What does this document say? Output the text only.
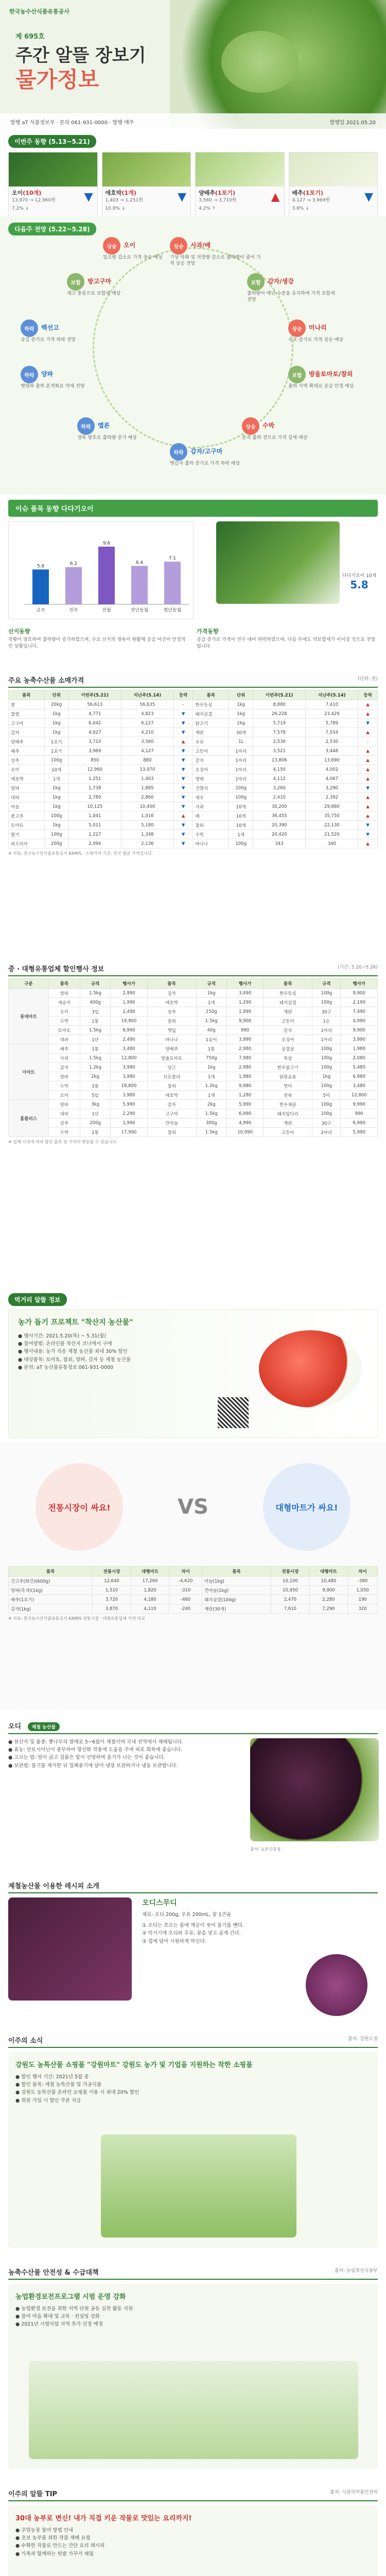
한국농수산식품유통공사
제 695호
주간 알뜰 장보기
물가정보
발행 aT 식품정보부 · 문의 061-931-0000 · 발행 매주	발행일 2021.05.20
이번주 동향 (5.13~5.21)
오이(10개)
13,970 → 12,960원
7.2% ↓
▼	애호박(1개)
1,403 → 1,251원
10.8% ↓
▼	양배추(1포기)
3,560 → 3,710원
4.2% ↑
▲	배추(1포기)
4,127 → 3,969원
3.8% ↓
▼
다음주 전망 (5.22~5.28)
상승 사과/배
기상 악화 및 저장량 감소로 출하량이 줄어 가격 상승 전망
보합 감자/생강
출하량이 예년 수준을 유지하며 가격 보합세 전망
상승 미나리
수요 증가로 가격 상승 예상
보합 방울토마토/참외
출하 지역 확대로 공급 안정 예상
상승 수박
본격 출하 전으로 가격 강세 예상
하락 감자/고구마
햇감자 출하 증가로 가격 하락 예상
하락 멜론
생육 양호로 출하량 증가 예상
하락 양파
햇양파 출하 본격화로 약세 전망
하락 백선고
공급 증가로 가격 하락 전망
보합 방고구마
재고 충분으로 보합세 예상
상승 오이
일조량 감소로 가격 상승 예상
이슈 품목 동향 다다기오이
금주
5.8
전주
6.2
전월
9.6
전년동월
6.4
평년동월
7.1
다다기오이 10개
5.8
산지동향
작황이 양호하여 출하량이 증가하였으며, 주요 산지의 생육이 원활해 공급 여건이 안정적인 상황입니다.
가격동향
공급 증가로 가격이 전주 대비 하락하였으며, 다음 주에도 약보합세가 이어질 것으로 전망됩니다.
주요 농축수산물 소매가격	(단위: 원)
품목	단위	이번주(5.21)	지난주(5.14)	등락	품목	단위	이번주(5.21)	지난주(5.14)	등락
쌀	20kg	56,613	56,635	-	한우등심	1kg	8,880	7,410	▲
찹쌀	1kg	4,771	4,823	▼	돼지삼겹	1kg	26,228	23,429	▲
고구마	1kg	6,042	6,127	▼	닭고기	1kg	5,719	5,789	▼
감자	1kg	4,027	4,210	▼	계란	30개	7,578	7,554	▲
양배추	1포기	3,710	3,560	▲	우유	1L	2,530	2,530	-
배추	1포기	3,969	4,127	▼	고등어	1마리	3,521	3,448	▲
상추	100g	850	880	▼	갈치	1마리	13,806	13,690	▲
오이	10개	12,960	13,970	▼	오징어	1마리	4,150	4,002	▲
애호박	1개	1,251	1,403	▼	명태	1마리	4,112	4,067	▲
양파	1kg	1,738	1,885	▼	건멸치	100g	3,260	3,290	▼
대파	1kg	2,780	2,860	▼	새우	100g	2,410	2,392	▲
마늘	1kg	10,125	10,400	▼	사과	10개	30,200	29,880	▲
풋고추	100g	1,041	1,016	▲	배	10개	36,455	35,750	▲
토마토	1kg	5,011	5,180	▼	참외	10개	20,390	22,130	▼
딸기	100g	1,227	1,348	▼	수박	1개	20,420	21,520	▼
파프리카	200g	2,094	2,136	▼	바나나	100g	343	340	▲
※ 자료: 한국농수산식품유통공사 KAMIS · 소매가격 기준, 전국 평균 가격입니다.
중 · 대형유통업체 할인행사 정보	(기간: 5.20~5.26)
구분	품목	규격	행사가	품목	규격	행사가	품목	규격	행사가
롯데마트	양파	1.5kg	2,990	감자	1kg	3,490	한우등심	100g	8,900
	새송이	400g	1,990	애호박	1개	1,290	돼지삼겹	100g	2,190
	오이	3입	2,490	상추	150g	1,990	계란	30구	7,490
	수박	1통	19,900	참외	1.5kg	9,900	고등어	1손	4,990
	토마토	1.5kg	6,990	깻잎	40g	990	갈치	1마리	9,900
	대파	1단	2,490	바나나	1송이	3,990	오징어	1마리	3,990
이마트	배추	1통	3,480	양배추	1통	2,980	삼겹살	100g	1,980
	사과	1.5kg	12,800	방울토마토	750g	7,980	목살	100g	2,080
	감자	1.2kg	3,980	당근	1kg	2,980	한우불고기	100g	5,480
	양파	2kg	3,980	브로콜리	1개	1,980	닭볶음용	1kg	6,980
	수박	1통	18,800	참외	1.2kg	9,980	연어	100g	3,480
	오이	5입	3,980	애호박	1개	1,280	전복	5미	12,800
홈플러스	양파	3kg	5,990	감자	2kg	5,990	한우채끝	100g	9,990
	대파	1단	2,290	고구마	1.5kg	6,990	돼지앞다리	100g	990
	상추	200g	1,990	깐마늘	300g	4,990	계란	30구	6,990
	수박	1통	17,990	참외	1.5kg	10,990	고등어	2마리	5,990
※ 업체 사정에 따라 할인 품목 및 가격이 변동될 수 있습니다.
먹거리 알뜰 정보
농가 돕기 프로젝트 "착산지 농산물"
● 행사기간: 2021.5.20(목) ~ 5.31(월)
● 참여방법: 온라인몰 착산지 코너에서 구매
● 행사내용: 농가 직송 제철 농산물 최대 30% 할인
● 대상품목: 토마토, 참외, 양파, 감자 등 제철 농산물
● 문의: aT 농산물유통정보 061-931-0000
전통시장이 싸요!	VS	대형마트가 싸요!
품목	전통시장	대형마트	차이	품목	전통시장	대형마트	차이
건고추(화건)(600g)	12,640	17,260	-4,620	마늘(1kg)	10,100	10,480	-380
양파(흑색)(1kg)	1,510	1,820	-310	깐마늘(1kg)	10,950	9,900	1,050
배추(1포기)	3,720	4,180	-460	돼지삼겹(100g)	2,470	2,280	190
감자(1kg)	3,870	4,110	-240	계란(30개)	7,610	7,290	320
※ 자료: 한국농수산식품유통공사 KAMIS 전통시장 · 대형유통업체 가격 비교
오디 제철 농산물
● 원산지 및 품종: 뽕나무의 열매로 5~6월이 제철이며 국내 전역에서 재배됩니다.
● 효능: 안토시아닌이 풍부하여 항산화 작용에 도움을 주며 피로 회복에 좋습니다.
● 고르는 법: 알이 굵고 검붉은 빛이 선명하며 윤기가 나는 것이 좋습니다.
● 보관법: 물기를 제거한 뒤 밀폐용기에 담아 냉장 보관하거나 냉동 보관합니다.
출처: 농촌진흥청
제철농산물 이용한 레시피 소개
오디스무디
재료: 오디 200g, 우유 200mL, 꿀 1큰술
① 오디는 흐르는 물에 깨끗이 씻어 물기를 뺀다.
② 믹서기에 오디와 우유, 꿀을 넣고 곱게 간다.
③ 컵에 담아 시원하게 마신다.
이주의 소식	출처: 강원도청
강원도 농특산물 쇼핑몰 "강원마트" 강원도 농가 및 기업을 지원하는 착한 소핑몰
● 할인 행사 기간: 2021년 5월 중
● 할인 품목: 제철 농특산물 및 가공식품
● 강원도 농특산물 온라인 쇼핑몰 이용 시 최대 20% 할인
● 회원 가입 시 할인 쿠폰 지급
농축수산물 안전성 & 수급대책	출처: 농림축산식품부
농업환경보전프로그램 시범 운영 강화
● 농업환경 보전을 위한 지역 단위 공동 실천 활동 지원
● 참여 마을 확대 및 교육 · 컨설팅 강화
● 2021년 시범사업 지역 추가 선정 예정
이주의 알뜰 TIP	출처: 식품의약품안전처
30대 농부로 변신! 내가 직접 키운 작물로 맛있는 요리까지!
● 주말농장 참여 방법 안내
● 초보 농부를 위한 작물 재배 요령
● 수확한 작물로 만드는 간단 요리 레시피
● 가족과 함께하는 텃밭 가꾸기 체험
